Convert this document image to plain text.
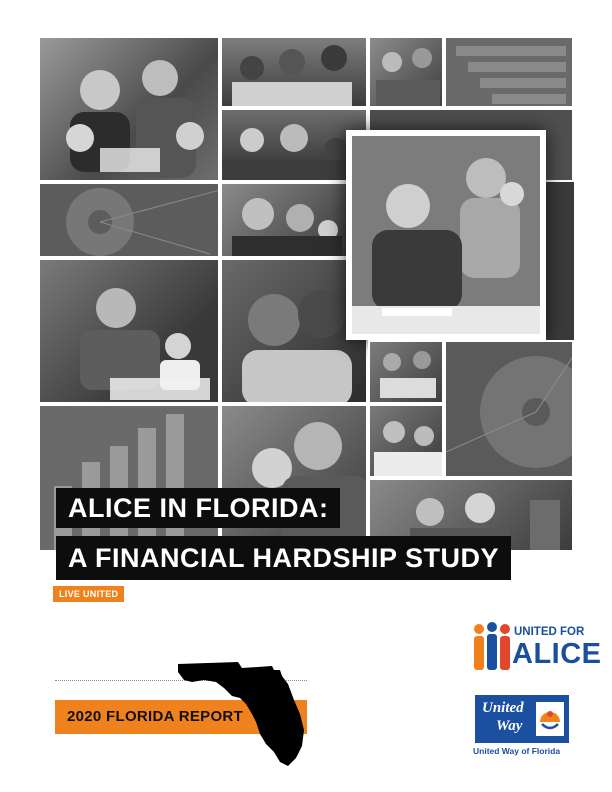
ALICE IN FLORIDA:
A FINANCIAL HARDSHIP STUDY
LIVE UNITED
2020 FLORIDA REPORT
UNITED FOR
ALICE
United
Way
United Way of Florida
